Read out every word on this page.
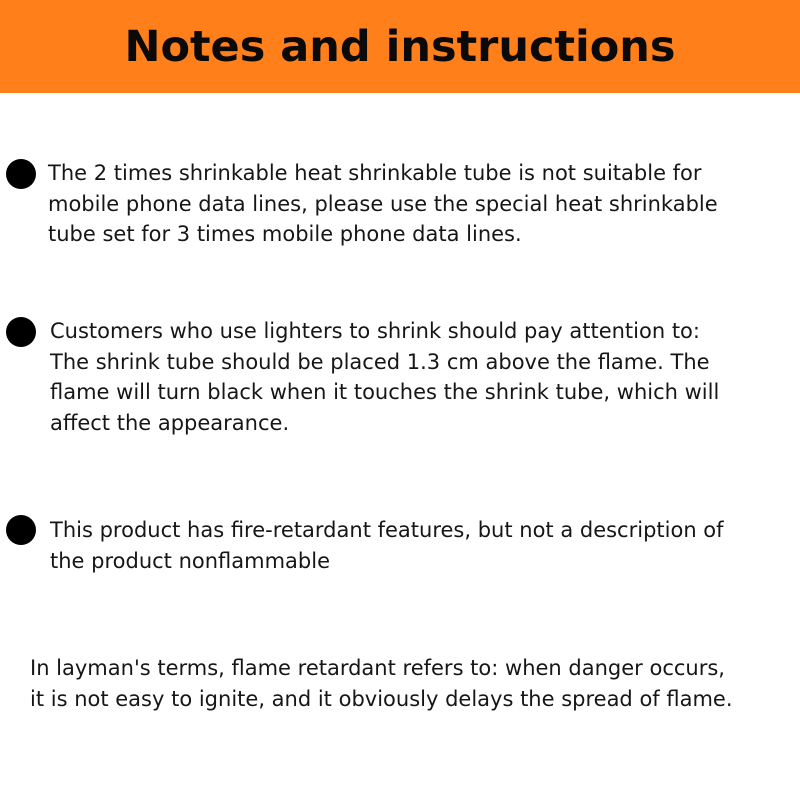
Notes and instructions
The 2 times shrinkable heat shrinkable tube is not suitable for
mobile phone data lines, please use the special heat shrinkable
tube set for 3 times mobile phone data lines.
Customers who use lighters to shrink should pay attention to:
The shrink tube should be placed 1.3 cm above the flame. The
flame will turn black when it touches the shrink tube, which will
affect the appearance.
This product has fire-retardant features, but not a description of
the product nonflammable
In layman's terms, flame retardant refers to: when danger occurs,
it is not easy to ignite, and it obviously delays the spread of flame.
